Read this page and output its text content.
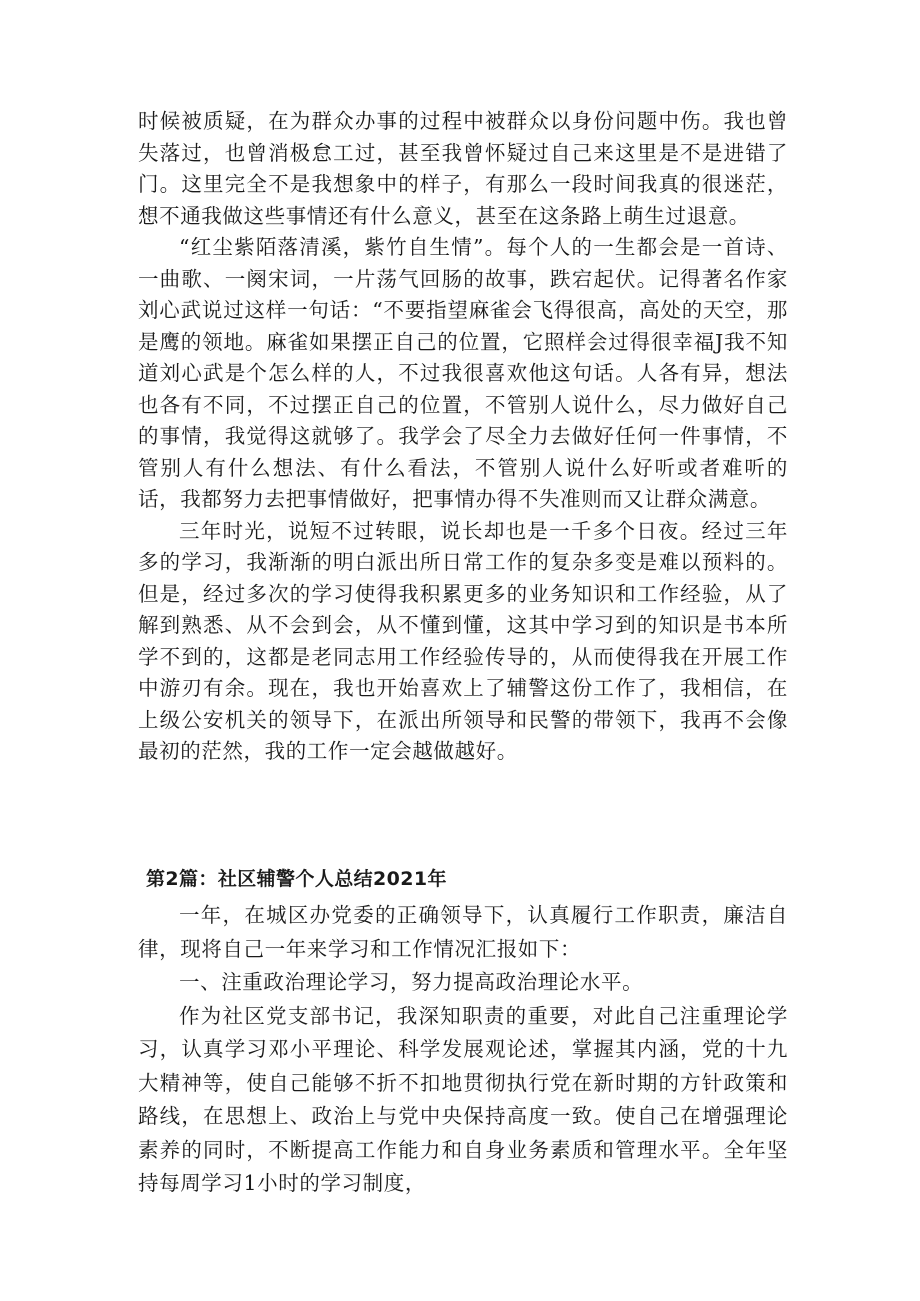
时候被质疑，在为群众办事的过程中被群众以身份问题中伤。我也曾失落过，也曾消极怠工过，甚至我曾怀疑过自己来这里是不是进错了门。这里完全不是我想象中的样子，有那么一段时间我真的很迷茫，想不通我做这些事情还有什么意义，甚至在这条路上萌生过退意。

“红尘紫陌落清溪，紫竹自生情”。每个人的一生都会是一首诗、一曲歌、一阕宋词，一片荡气回肠的故事，跌宕起伏。记得著名作家刘心武说过这样一句话：“不要指望麻雀会飞得很高，高处的天空，那是鹰的领地。麻雀如果摆正自己的位置，它照样会过得很幸福J我不知道刘心武是个怎么样的人，不过我很喜欢他这句话。人各有异，想法也各有不同，不过摆正自己的位置，不管别人说什么，尽力做好自己的事情，我觉得这就够了。我学会了尽全力去做好任何一件事情，不管别人有什么想法、有什么看法，不管别人说什么好听或者难听的话，我都努力去把事情做好，把事情办得不失准则而又让群众满意。

三年时光，说短不过转眼，说长却也是一千多个日夜。经过三年多的学习，我渐渐的明白派出所日常工作的复杂多变是难以预料的。但是，经过多次的学习使得我积累更多的业务知识和工作经验，从了解到熟悉、从不会到会，从不懂到懂，这其中学习到的知识是书本所学不到的，这都是老同志用工作经验传导的，从而使得我在开展工作中游刃有余。现在，我也开始喜欢上了辅警这份工作了，我相信，在上级公安机关的领导下，在派出所领导和民警的带领下，我再不会像最初的茫然，我的工作一定会越做越好。

第2篇：社区辅警个人总结2021年

一年，在城区办党委的正确领导下，认真履行工作职责，廉洁自律，现将自己一年来学习和工作情况汇报如下：

一、注重政治理论学习，努力提高政治理论水平。

作为社区党支部书记，我深知职责的重要，对此自己注重理论学习，认真学习邓小平理论、科学发展观论述，掌握其内涵，党的十九大精神等，使自己能够不折不扣地贯彻执行党在新时期的方针政策和路线，在思想上、政治上与党中央保持高度一致。使自己在增强理论素养的同时，不断提高工作能力和自身业务素质和管理水平。全年坚持每周学习1小时的学习制度，
